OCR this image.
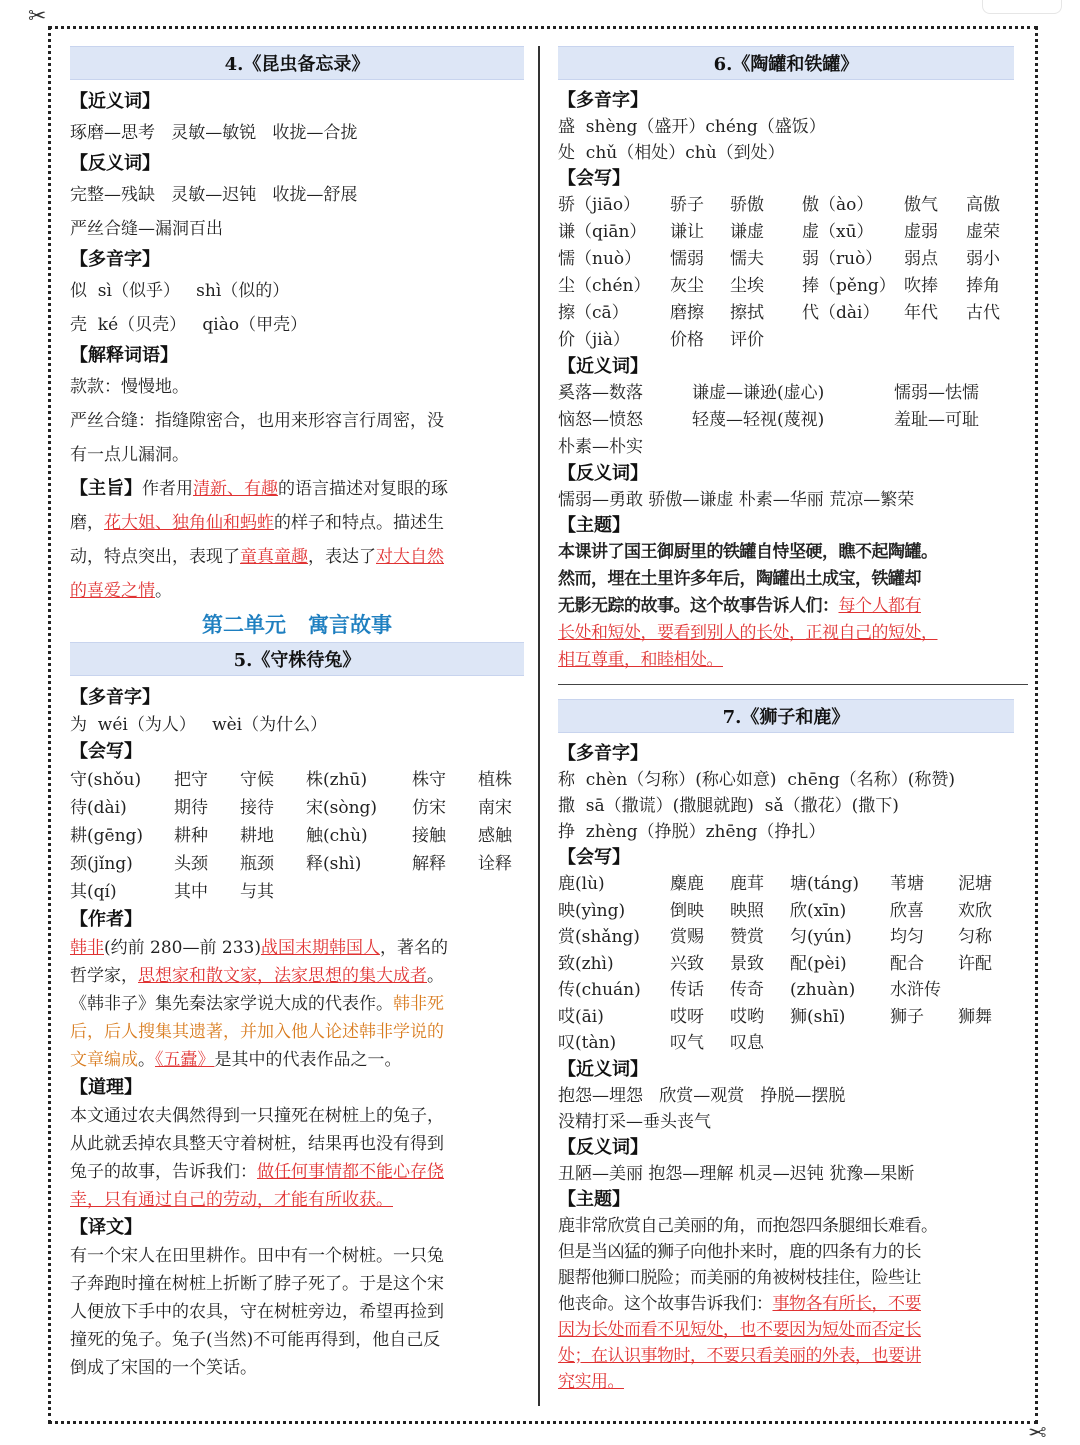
✂
✂
4.《昆虫备忘录》
【近义词】
琢磨—思考   灵敏—敏锐   收拢—合拢
【反义词】
完整—残缺   灵敏—迟钝   收拢—舒展
严丝合缝—漏洞百出
【多音字】
似  sì（似乎）   shì（似的）
壳  ké（贝壳）   qiào（甲壳）
【解释词语】
款款：慢慢地。
严丝合缝：指缝隙密合，也用来形容言行周密，没
有一点儿漏洞。
【主旨】作者用清新、有趣的语言描述对复眼的琢
磨，花大姐、独角仙和蚂蚱的样子和特点。描述生
动，特点突出，表现了童真童趣，表达了对大自然
的喜爱之情。
第二单元   寓言故事
5.《守株待兔》
【多音字】
为  wéi（为人）   wèi（为什么）
【会写】
守(shǒu)	把守	守候	株(zhū)	株守	植株
待(dài)	期待	接待	宋(sòng)	仿宋	南宋
耕(gēng)	耕种	耕地	触(chù)	接触	感触
颈(jǐng)	头颈	瓶颈	释(shì)	解释	诠释
其(qí)	其中	与其
【作者】
韩非(约前 280—前 233)战国末期韩国人，著名的
哲学家，思想家和散文家，法家思想的集大成者。
《韩非子》集先秦法家学说大成的代表作。韩非死
后，后人搜集其遗著，并加入他人论述韩非学说的
文章编成。《五蠹》是其中的代表作品之一。
【道理】
本文通过农夫偶然得到一只撞死在树桩上的兔子，
从此就丢掉农具整天守着树桩，结果再也没有得到
兔子的故事，告诉我们：做任何事情都不能心存侥
幸，只有通过自己的劳动，才能有所收获。
【译文】
有一个宋人在田里耕作。田中有一个树桩。一只兔
子奔跑时撞在树桩上折断了脖子死了。于是这个宋
人便放下手中的农具，守在树桩旁边，希望再捡到
撞死的兔子。兔子(当然)不可能再得到，他自己反
倒成了宋国的一个笑话。
6.《陶罐和铁罐》
【多音字】
盛  shèng（盛开）chéng（盛饭）
处  chǔ（相处）chù（到处）
【会写】
骄（jiāo）	骄子	骄傲	傲（ào）	傲气	高傲
谦（qiān）	谦让	谦虚	虚（xū）	虚弱	虚荣
懦（nuò）	懦弱	懦夫	弱（ruò）	弱点	弱小
尘（chén）	灰尘	尘埃	捧（pěng） 吹捧	捧角
擦（cā）	磨擦	擦拭	代（dài）	年代	古代
价（jià）	价格	评价
【近义词】
奚落—数落	谦虚—谦逊(虚心)	懦弱—怯懦
恼怒—愤怒	轻蔑—轻视(蔑视)	羞耻—可耻
朴素—朴实
【反义词】
懦弱—勇敢 骄傲—谦虚 朴素—华丽 荒凉—繁荣
【主题】
本课讲了国王御厨里的铁罐自恃坚硬，瞧不起陶罐。
然而，埋在土里许多年后，陶罐出土成宝，铁罐却
无影无踪的故事。这个故事告诉人们：每个人都有
长处和短处，要看到别人的长处，正视自己的短处，
相互尊重，和睦相处。
7.《狮子和鹿》
【多音字】
称  chèn（匀称）(称心如意)  chēng（名称）(称赞)
撒  sā（撒谎）(撒腿就跑)  sǎ（撒花）(撒下)
挣  zhèng（挣脱）zhēng（挣扎）
【会写】
鹿(lù)	麋鹿	鹿茸	塘(táng)	苇塘	泥塘
映(yìng)	倒映	映照	欣(xīn)	欣喜	欢欣
赏(shǎng)	赏赐	赞赏	匀(yún)	均匀	匀称
致(zhì)	兴致	景致	配(pèi)	配合	许配
传(chuán)	传话	传奇	(zhuàn)	水浒传
哎(āi)	哎呀	哎哟	狮(shī)	狮子	狮舞
叹(tàn)	叹气	叹息
【近义词】
抱怨—埋怨   欣赏—观赏   挣脱—摆脱
没精打采—垂头丧气
【反义词】
丑陋—美丽 抱怨—理解 机灵—迟钝 犹豫—果断
【主题】
鹿非常欣赏自己美丽的角，而抱怨四条腿细长难看。
但是当凶猛的狮子向他扑来时，鹿的四条有力的长
腿帮他狮口脱险；而美丽的角被树枝挂住，险些让
他丧命。这个故事告诉我们：事物各有所长，不要
因为长处而看不见短处，也不要因为短处而否定长
处；在认识事物时，不要只看美丽的外表，也要讲
究实用。
